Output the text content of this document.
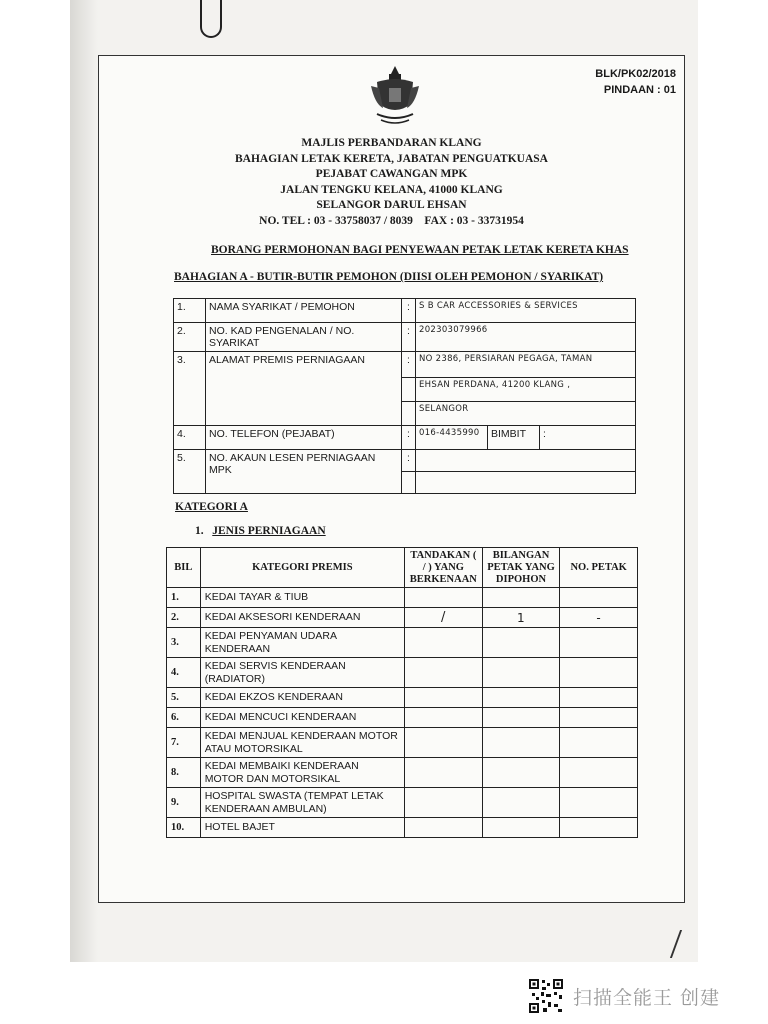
BLK/PK02/2018
PINDAAN : 01
MAJLIS PERBANDARAN KLANG
BAHAGIAN LETAK KERETA, JABATAN PENGUATKUASA
PEJABAT CAWANGAN MPK
JALAN TENGKU KELANA, 41000 KLANG
SELANGOR DARUL EHSAN
NO. TEL : 03 - 33758037 / 8039    FAX : 03 - 33731954
BORANG PERMOHONAN BAGI PENYEWAAN PETAK LETAK KERETA KHAS
BAHAGIAN A - BUTIR-BUTIR PEMOHON (DIISI OLEH PEMOHON / SYARIKAT)
1.	NAMA SYARIKAT / PEMOHON	:	S B CAR ACCESSORIES & SERVICES		
2.	NO. KAD PENGENALAN / NO. SYARIKAT	:	202303079966		
3.	ALAMAT PREMIS PERNIAGAAN	:	NO 2386, PERSIARAN PEGAGA, TAMAN		
			EHSAN PERDANA, 41200 KLANG ,		
			SELANGOR		
4.	NO. TELEFON (PEJABAT)	:	016-4435990	BIMBIT	:
5.	NO. AKAUN LESEN PERNIAGAAN MPK	:			

KATEGORI A
1. JENIS PERNIAGAAN
BIL	KATEGORI PREMIS	TANDAKAN ( / ) YANG BERKENAAN	BILANGAN PETAK YANG DIPOHON	NO. PETAK
1.	KEDAI TAYAR & TIUB			
2.	KEDAI AKSESORI KENDERAAN	/	1	-
3.	KEDAI PENYAMAN UDARA KENDERAAN			
4.	KEDAI SERVIS KENDERAAN (RADIATOR)			
5.	KEDAI EKZOS KENDERAAN			
6.	KEDAI MENCUCI KENDERAAN			
7.	KEDAI MENJUAL KENDERAAN MOTOR ATAU MOTORSIKAL			
8.	KEDAI MEMBAIKI KENDERAAN MOTOR DAN MOTORSIKAL			
9.	HOSPITAL SWASTA (TEMPAT LETAK KENDERAAN AMBULAN)			
10.	HOTEL BAJET			
扫描全能王 创建
